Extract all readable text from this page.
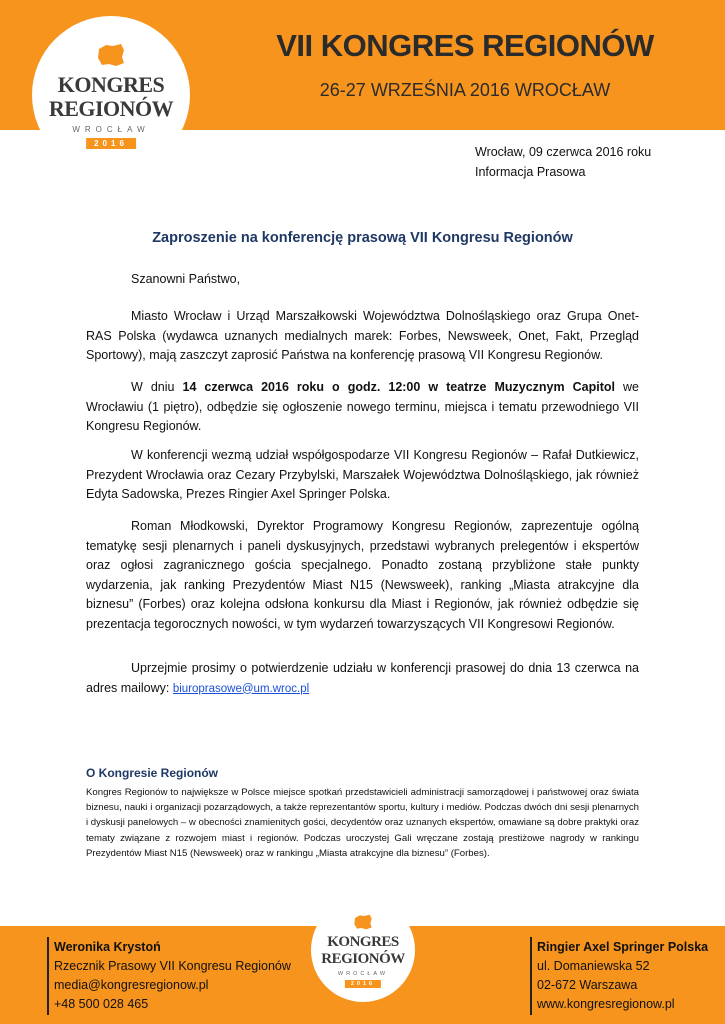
VII KONGRES REGIONÓW
26-27 WRZEŚNIA 2016 WROCŁAW
KONGRES
REGIONÓW
WROCŁAW
2016
Wrocław, 09 czerwca 2016 roku
Informacja Prasowa
Zaproszenie na konferencję prasową VII Kongresu Regionów
Szanowni Państwo,
Miasto Wrocław i Urząd Marszałkowski Województwa Dolnośląskiego oraz Grupa Onet-RAS Polska (wydawca uznanych medialnych marek: Forbes, Newsweek, Onet, Fakt, Przegląd Sportowy), mają zaszczyt zaprosić Państwa na konferencję prasową VII Kongresu Regionów.
W dniu 14 czerwca 2016 roku o godz. 12:00 w teatrze Muzycznym Capitol we Wrocławiu (1 piętro), odbędzie się ogłoszenie nowego terminu, miejsca i tematu przewodniego VII Kongresu Regionów.
W konferencji wezmą udział współgospodarze VII Kongresu Regionów – Rafał Dutkiewicz, Prezydent Wrocławia oraz Cezary Przybylski, Marszałek Województwa Dolnośląskiego, jak również Edyta Sadowska, Prezes Ringier Axel Springer Polska.
Roman Młodkowski, Dyrektor Programowy Kongresu Regionów, zaprezentuje ogólną tematykę sesji plenarnych i paneli dyskusyjnych, przedstawi wybranych prelegentów i ekspertów oraz ogłosi zagranicznego gościa specjalnego. Ponadto zostaną przybliżone stałe punkty wydarzenia, jak ranking Prezydentów Miast N15 (Newsweek), ranking „Miasta atrakcyjne dla biznesu” (Forbes) oraz kolejna odsłona konkursu dla Miast i Regionów, jak również odbędzie się prezentacja tegorocznych nowości, w tym wydarzeń towarzyszących VII Kongresowi Regionów.
Uprzejmie prosimy o potwierdzenie udziału w konferencji prasowej do dnia 13 czerwca na adres mailowy: biuroprasowe@um.wroc.pl
O Kongresie Regionów
Kongres Regionów to największe w Polsce miejsce spotkań przedstawicieli administracji samorządowej i państwowej oraz świata biznesu, nauki i organizacji pozarządowych, a także reprezentantów sportu, kultury i mediów. Podczas dwóch dni sesji plenarnych i dyskusji panelowych – w obecności znamienitych gości, decydentów oraz uznanych ekspertów, omawiane są dobre praktyki oraz tematy związane z rozwojem miast i regionów. Podczas uroczystej Gali wręczane zostają prestiżowe nagrody w rankingu Prezydentów Miast N15 (Newsweek) oraz w rankingu „Miasta atrakcyjne dla biznesu” (Forbes).
Weronika Krystoń
Rzecznik Prasowy VII Kongresu Regionów
media@kongresregionow.pl
+48 500 028 465
KONGRES
REGIONÓW
WROCŁAW
2016
Ringier Axel Springer Polska
ul. Domaniewska 52
02-672 Warszawa
www.kongresregionow.pl
